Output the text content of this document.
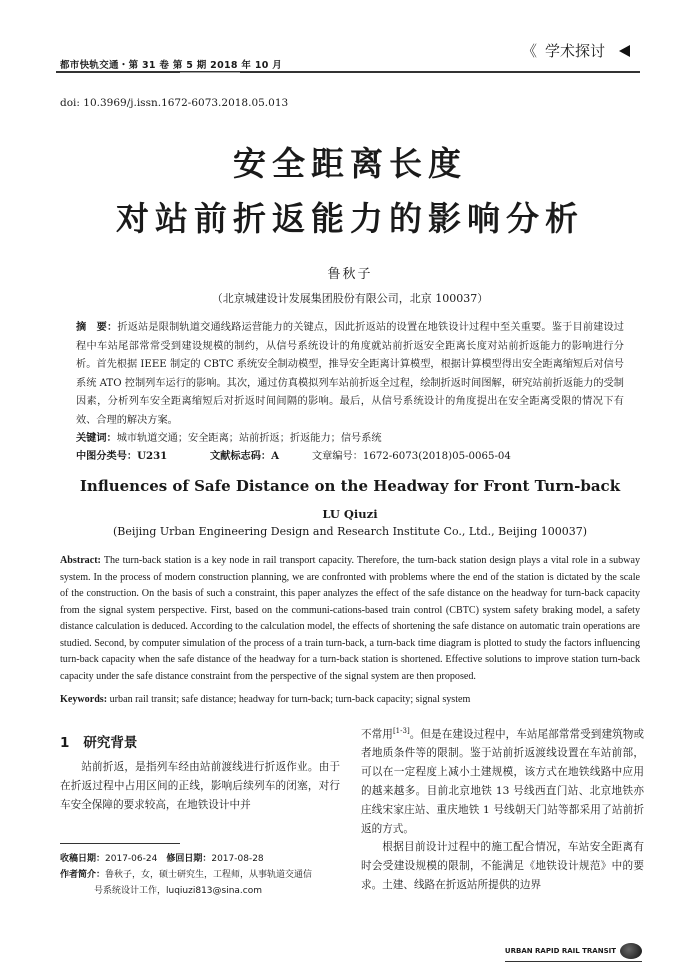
都市快轨交通・第 31 卷 第 5 期 2018 年 10 月
《 学术探讨
doi: 10.3969/j.issn.1672-6073.2018.05.013
安全距离长度
对站前折返能力的影响分析
鲁秋子
（北京城建设计发展集团股份有限公司，北京 100037）
摘　要：折返站是限制轨道交通线路运营能力的关键点，因此折返站的设置在地铁设计过程中至关重要。鉴于目前建设过程中车站尾部常常受到建设规模的制约，从信号系统设计的角度就站前折返安全距离长度对站前折返能力的影响进行分析。首先根据 IEEE 制定的 CBTC 系统安全制动模型，推导安全距离计算模型，根据计算模型得出安全距离缩短后对信号系统 ATO 控制列车运行的影响。其次，通过仿真模拟列车站前折返全过程，绘制折返时间图解，研究站前折返能力的受制因素，分析列车安全距离缩短后对折返时间间隔的影响。最后，从信号系统设计的角度提出在安全距离受限的情况下有效、合理的解决方案。
关键词：城市轨道交通；安全距离；站前折返；折返能力；信号系统
中图分类号：U231	文献标志码：A	文章编号：1672-6073(2018)05-0065-04
Influences of Safe Distance on the Headway for Front Turn-back
LU Qiuzi
(Beijing Urban Engineering Design and Research Institute Co., Ltd., Beijing 100037)
Abstract: The turn-back station is a key node in rail transport capacity. Therefore, the turn-back station design plays a vital role in a subway system. In the process of modern construction planning, we are confronted with problems where the end of the station is dictated by the scale of the construction. On the basis of such a constraint, this paper analyzes the effect of the safe distance on the headway for turn-back capacity from the signal system perspective. First, based on the communi-cations-based train control (CBTC) system safety braking model, a safety distance calculation is deduced. According to the calculation model, the effects of shortening the safe distance on automatic train operations are studied. Second, by computer simulation of the process of a train turn-back, a turn-back time diagram is plotted to study the factors influencing turn-back capacity when the safe distance of the headway for a turn-back station is shortened. Effective solutions to improve station turn-back capacity under the safe distance constraint from the perspective of the signal system are then proposed.
Keywords: urban rail transit; safe distance; headway for turn-back; turn-back capacity; signal system
1 研究背景
站前折返，是指列车经由站前渡线进行折返作业。由于在折返过程中占用区间的正线，影响后续列车的闭塞，对行车安全保障的要求较高，在地铁设计中并
收稿日期：2017-06-24  修回日期：2017-08-28
作者简介：鲁秋子，女，硕士研究生，工程师，从事轨道交通信
号系统设计工作，luqiuzi813@sina.com

不常用[1-3]。但是在建设过程中，车站尾部常常受到建筑物或者地质条件等的限制。鉴于站前折返渡线设置在车站前部，可以在一定程度上减小土建规模，该方式在地铁线路中应用的越来越多。目前北京地铁 13 号线西直门站、北京地铁亦庄线宋家庄站、重庆地铁 1 号线朝天门站等都采用了站前折返的方式。

根据目前设计过程中的施工配合情况，车站安全距离有时会受建设规模的限制，不能满足《地铁设计规范》中的要求。土建、线路在折返站所提供的边界

URBAN RAPID RAIL TRANSIT
